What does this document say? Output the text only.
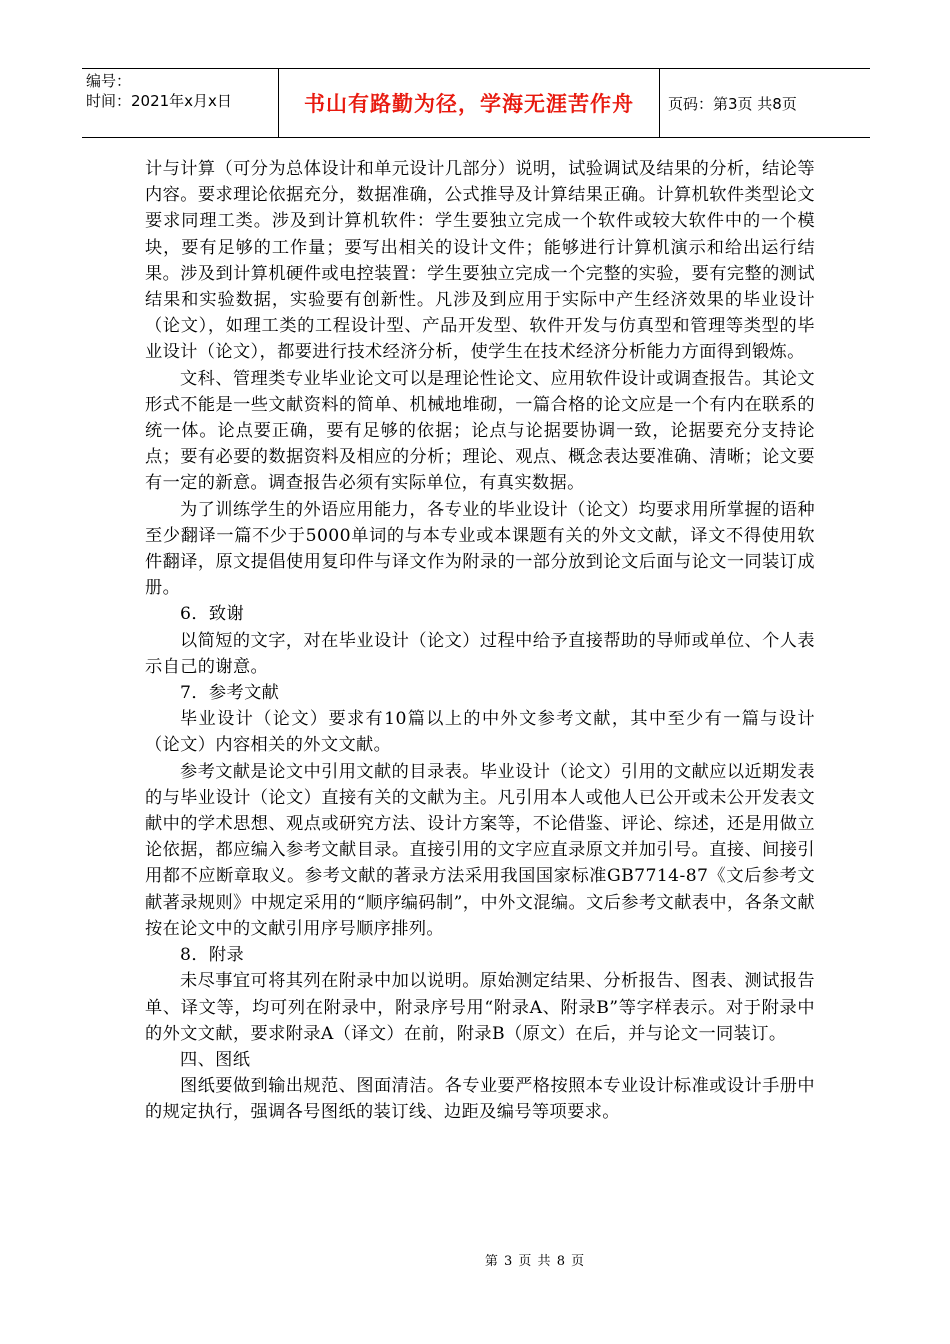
编号：
时间：2021年x月x日	书山有路勤为径，学海无涯苦作舟 页码：第3页 共8页

计与计算（可分为总体设计和单元设计几部分）说明，试验调试及结果的分析，结论等内容。要求理论依据充分，数据准确，公式推导及计算结果正确。计算机软件类型论文要求同理工类。涉及到计算机软件：学生要独立完成一个软件或较大软件中的一个模块，要有足够的工作量；要写出相关的设计文件；能够进行计算机演示和给出运行结果。涉及到计算机硬件或电控装置：学生要独立完成一个完整的实验，要有完整的测试结果和实验数据，实验要有创新性。凡涉及到应用于实际中产生经济效果的毕业设计（论文），如理工类的工程设计型、产品开发型、软件开发与仿真型和管理等类型的毕业设计（论文），都要进行技术经济分析，使学生在技术经济分析能力方面得到锻炼。

文科、管理类专业毕业论文可以是理论性论文、应用软件设计或调查报告。其论文形式不能是一些文献资料的简单、机械地堆砌，一篇合格的论文应是一个有内在联系的统一体。论点要正确，要有足够的依据；论点与论据要协调一致，论据要充分支持论点；要有必要的数据资料及相应的分析；理论、观点、概念表达要准确、清晰；论文要有一定的新意。调查报告必须有实际单位，有真实数据。

为了训练学生的外语应用能力，各专业的毕业设计（论文）均要求用所掌握的语种至少翻译一篇不少于5000单词的与本专业或本课题有关的外文文献，译文不得使用软件翻译，原文提倡使用复印件与译文作为附录的一部分放到论文后面与论文一同装订成册。

6．致谢

以简短的文字，对在毕业设计（论文）过程中给予直接帮助的导师或单位、个人表示自己的谢意。

7．参考文献

毕业设计（论文）要求有10篇以上的中外文参考文献，其中至少有一篇与设计（论文）内容相关的外文文献。

参考文献是论文中引用文献的目录表。毕业设计（论文）引用的文献应以近期发表的与毕业设计（论文）直接有关的文献为主。凡引用本人或他人已公开或未公开发表文献中的学术思想、观点或研究方法、设计方案等，不论借鉴、评论、综述，还是用做立论依据，都应编入参考文献目录。直接引用的文字应直录原文并加引号。直接、间接引用都不应断章取义。参考文献的著录方法采用我国国家标准GB7714-87《文后参考文献著录规则》中规定采用的“顺序编码制”，中外文混编。文后参考文献表中，各条文献按在论文中的文献引用序号顺序排列。

8．附录

未尽事宜可将其列在附录中加以说明。原始测定结果、分析报告、图表、测试报告单、译文等，均可列在附录中，附录序号用“附录A、附录B”等字样表示。对于附录中的外文文献，要求附录A（译文）在前，附录B（原文）在后，并与论文一同装订。

四、图纸

图纸要做到输出规范、图面清洁。各专业要严格按照本专业设计标准或设计手册中的规定执行，强调各号图纸的装订线、边距及编号等项要求。

第 3 页 共 8 页
